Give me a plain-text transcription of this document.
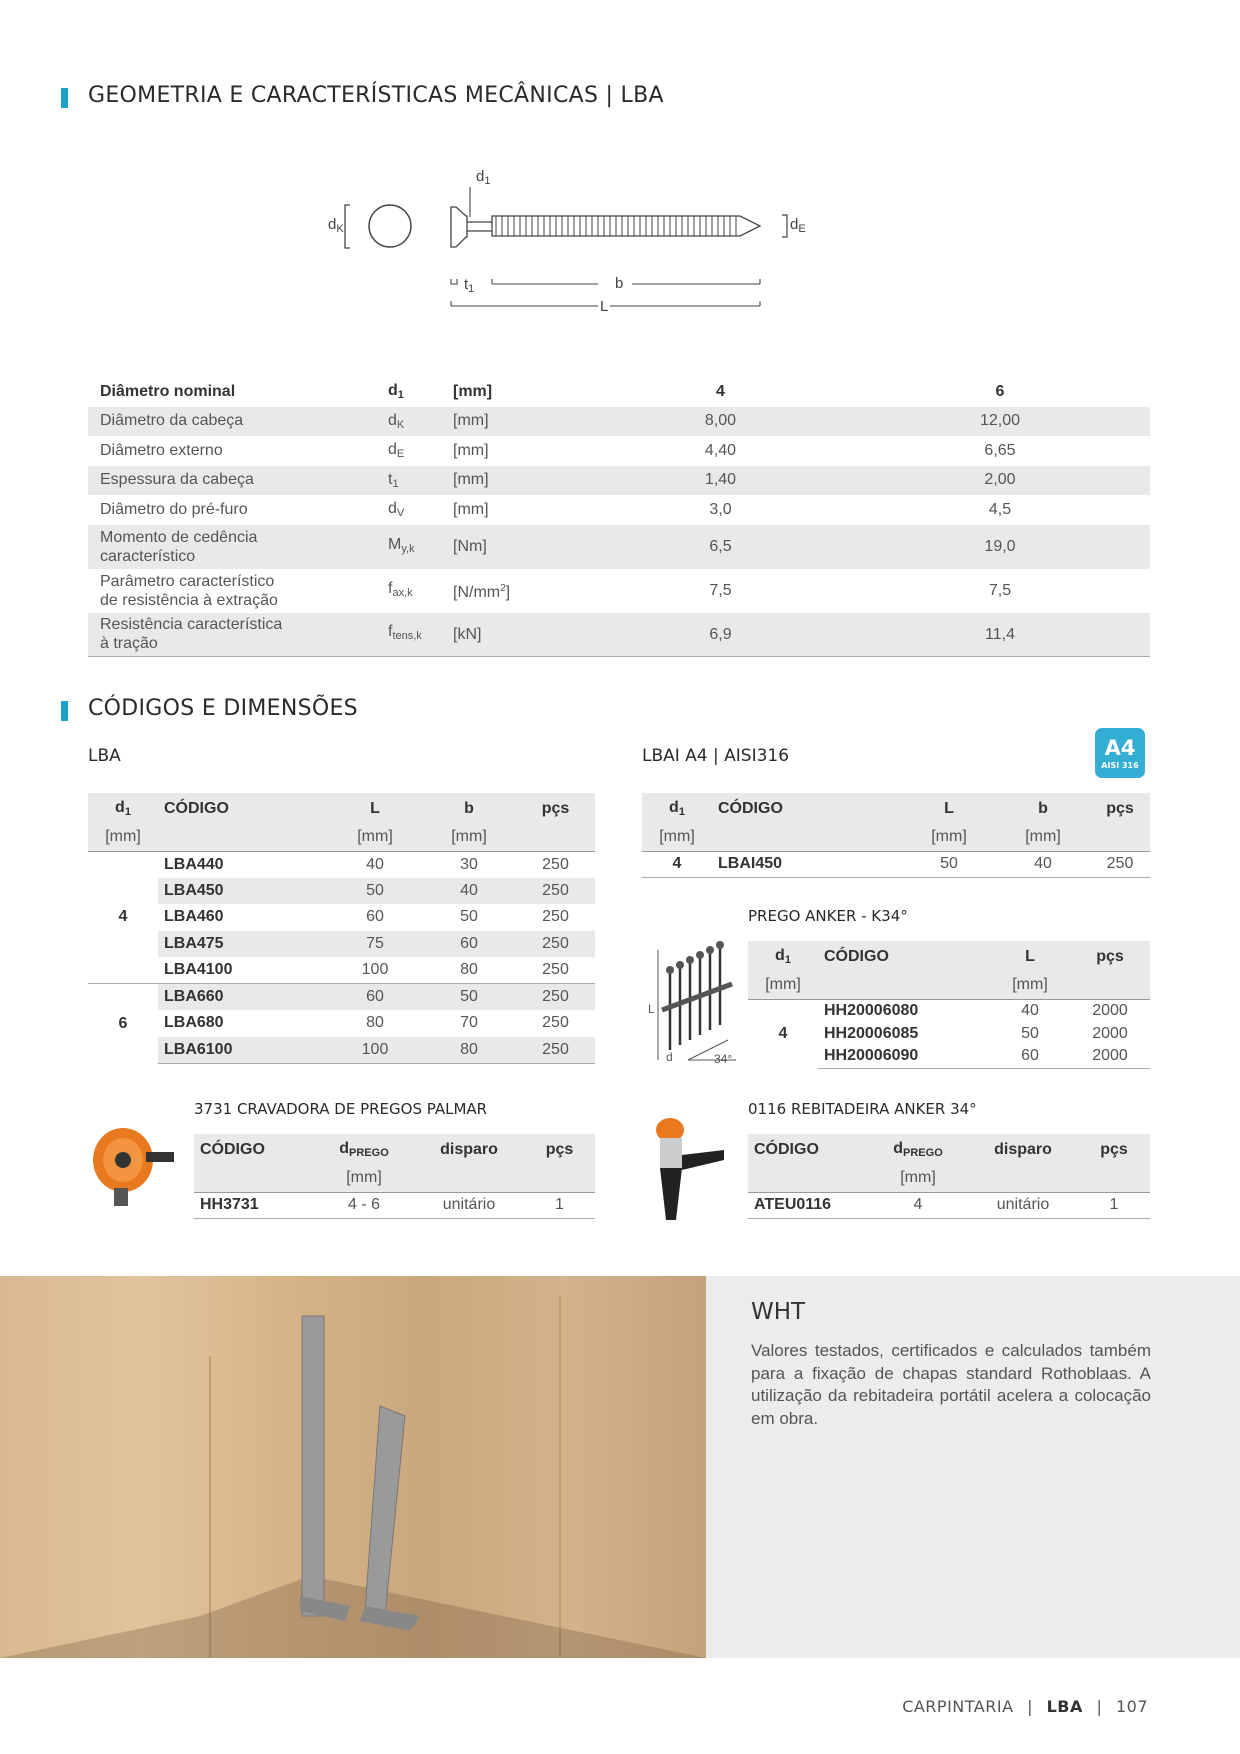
GEOMETRIA E CARACTERÍSTICAS MECÂNICAS | LBA
$d_1$
$d_K$	$d_E$
$t_1$	b
L
Diâmetro nominal	$d_1$	[mm]	4	6
Diâmetro da cabeça	$d_K$	[mm]	8,00	12,00
Diâmetro externo	$d_E$	[mm]	4,40	6,65
Espessura da cabeça	$t_1$	[mm]	1,40	2,00
Diâmetro do pré-furo	$d_V$	[mm]	3,0	4,5

Momento de cedência
característico	$M_{y,k}$	[Nm]	6,5	19,0

Parâmetro característico
de resistência à extração	$f_{ax,k}$	$[N/mm^2]$	7,5	7,5

Resistência característica
à tração	$f_{tens,k}$	[kN]	6,9	11,4
CÓDIGOS E DIMENSÕES
LBA
$d_1$	CÓDIGO	L	b	pçs
[mm]		[mm]	[mm]	
4	LBA440	40	30	250
	LBA450	50	40	250
	LBA460	60	50	250
	LBA475	75	60	250
	LBA4100	100	80	250
6	LBA660	60	50	250
	LBA680	80	70	250
	LBA6100	100	80	250
LBAI A4 | AISI316	A4
AISI 316
$d_1$	CÓDIGO	L	b	pçs
[mm]		[mm]	[mm]	
4	LBAI450	50	40	250
PREGO ANKER - K34°
L
d	34°
$d_1$	CÓDIGO	L	pçs
[mm]		[mm]	
4	HH20006080	40	2000
	HH20006085	50	2000
	HH20006090	60	2000
3731 CRAVADORA DE PREGOS PALMAR
CÓDIGO	$d_{PREGO}$	disparo	pçs
	[mm]		
HH3731	4 - 6	unitário	1
0116 REBITADEIRA ANKER 34°
CÓDIGO	$d_{PREGO}$	disparo	pçs
	[mm]		
ATEU0116	4	unitário	1
WHT
Valores testados, certificados e calculados também para a fixação de chapas standard Rothoblaas. A utilização da rebitadeira portátil acelera a colocação em obra.
CARPINTARIA | LBA | 107
